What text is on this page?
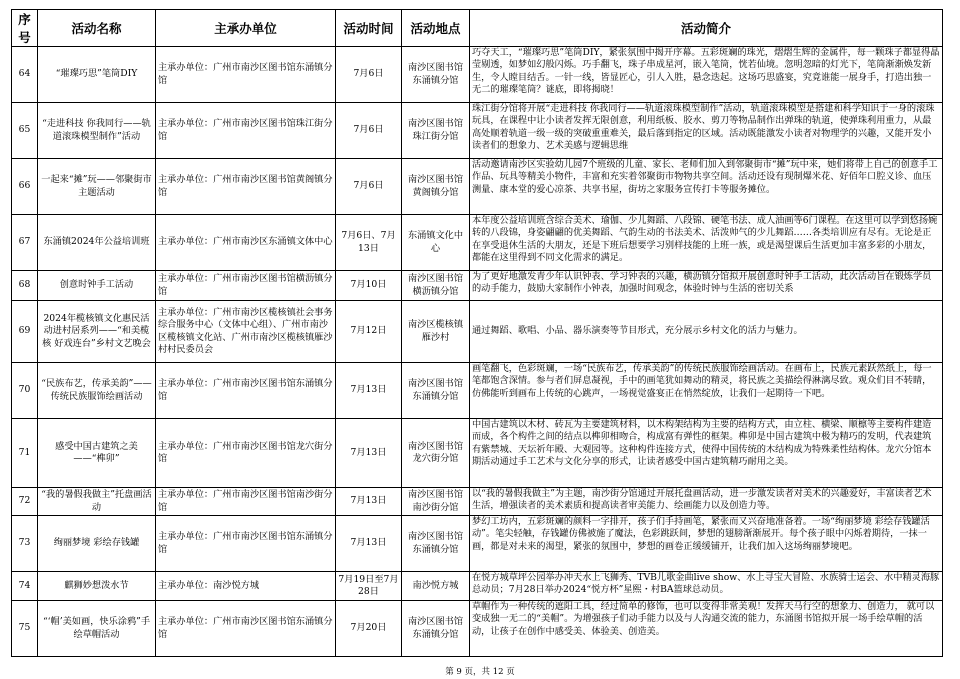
序号	活动名称	主承办单位	活动时间	活动地点	活动简介
64	“璀璨巧思”笔筒DIY	主承办单位：广州市南沙区图书馆东涌镇分馆	7月6日	南沙区图书馆东涌镇分馆	巧夺天工，“璀璨巧思”笔筒DIY，紧张氛围中揭开序幕。五彩斑斓的珠光，熠熠生辉的金属件，每一颗珠子都显得晶莹剔透，如梦如幻般闪烁。巧手翻飞，珠子串成星河，嵌入笔筒，恍若仙境。忽明忽暗的灯光下，笔筒渐渐焕发新生，令人瞠目结舌。一针一线，皆显匠心，引人入胜，悬念迭起。这场巧思盛宴，究竟谁能一展身手，打造出独一无二的璀璨笔筒？谜底，即将揭晓！

65	“走进科技 你我同行——轨道滚珠模型制作”活动	主承办单位：广州市南沙区图书馆珠江街分馆	7月6日	南沙区图书馆珠江街分馆	珠江街分馆将开展“走进科技 你我同行——轨道滚珠模型制作”活动，轨道滚珠模型是搭建和科学知识于一身的滚珠玩具，在课程中让小读者发挥无限创意，利用纸板、胶水、剪刀等物品制作出弹珠的轨道，使弹珠利用重力，从最高处顺着轨道一级一级的突破重重难关，最后落到指定的区域。活动既能激发小读者对物理学的兴趣，又能开发小读者们的想象力、艺术美感与逻辑思维

66	一起来“摊”玩——邻聚街市主题活动	主承办单位：广州市南沙区图书馆黄阁镇分馆	7月6日	南沙区图书馆黄阁镇分馆	活动邀请南沙区实验幼儿园7个班级的儿童、家长、老师们加入到邻聚街市“摊”玩中来，她们将带上自己的创意手工作品、玩具等精美小物件，丰富和充实着邻聚街市物物共享空间。活动还设有现制爆米花、好佰年口腔义诊、血压测量、康本堂的爱心凉茶、共享书屋，街坊之家服务宣传打卡等服务摊位。

67	东涌镇2024年公益培训班	主承办单位：广州市南沙区东涌镇文体中心	7月6日、7月13日	东涌镇文化中心	本年度公益培训班含综合美术、瑜伽、少儿舞蹈、八段锦、硬笔书法、成人油画等6门课程。在这里可以学到悠扬婉转的八段锦，身姿翩翩的优美舞蹈、气韵生动的书法美术、活泼帅气的少儿舞蹈……各类培训应有尽有。无论是正在享受退休生活的大朋友，还是下班后想要学习别样技能的上班一族，或是渴望课后生活更加丰富多彩的小朋友，都能在这里得到不同文化需求的满足。

68	创意时钟手工活动	主承办单位：广州市南沙区图书馆横沥镇分馆	7月10日	南沙区图书馆横沥镇分馆	为了更好地激发青少年认识钟表、学习钟表的兴趣，横沥镇分馆拟开展创意时钟手工活动，此次活动旨在锻炼学员的动手能力，鼓励大家制作小钟表，加强时间观念，体验时钟与生活的密切关系

69	2024年榄核镇文化惠民活动进村居系列——“和美榄核 好戏连台”乡村文艺晚会	主承办单位：广州市南沙区榄核镇社会事务综合服务中心（文体中心组）、广州市南沙区榄核镇文化站、广州市南沙区榄核镇雁沙村村民委员会	7月12日	南沙区榄核镇雁沙村	通过舞蹈、歌唱、小品、器乐演奏等节目形式，充分展示乡村文化的活力与魅力。

70	“民族布艺，传承美韵”——传统民族服饰绘画活动	主承办单位：广州市南沙区图书馆东涌镇分馆	7月13日	南沙区图书馆东涌镇分馆	画笔翻飞，色彩斑斓，一场“民族布艺，传承美韵”的传统民族服饰绘画活动。在画布上，民族元素跃然纸上，每一笔都饱含深情。参与者们屏息凝视，手中的画笔犹如舞动的精灵，将民族之美描绘得淋漓尽致。观众们目不转睛，仿佛能听到画布上传统的心跳声，一场视觉盛宴正在悄然绽放，让我们一起期待一下吧。

71	感受中国古建筑之美——“榫卯”	主承办单位：广州市南沙区图书馆龙穴街分馆	7月13日	南沙区图书馆龙穴街分馆	中国古建筑以木材、砖瓦为主要建筑材料，以木构架结构为主要的结构方式，由立柱、横梁、顺檩等主要构件建造而成，各个构件之间的结点以榫卯相吻合，构成富有弹性的框架。榫卯是中国古建筑中极为精巧的发明，代表建筑有紫禁城、天坛祈年殿、大观园等。这种构件连接方式，使得中国传统的木结构成为特殊柔性结构体。龙穴分馆本期活动通过手工艺术与文化分享的形式，让读者感受中国古建筑精巧耐用之美。

72	“我的暑假我做主”托盘画活动	主承办单位：广州市南沙区图书馆南沙街分馆	7月13日	南沙区图书馆南沙街分馆	以“我的暑假我做主”为主题，南沙街分馆通过开展托盘画活动，进一步激发读者对美术的兴趣爱好，丰富读者艺术生活，增强读者的美术素质和提高读者审美能力、绘画能力以及创造力等。

73	绚丽梦境 彩绘存钱罐	主承办单位：广州市南沙区图书馆东涌镇分馆	7月13日	南沙区图书馆东涌镇分馆	梦幻工坊内，五彩斑斓的颜料一字排开，孩子们手持画笔，紧张而又兴奋地准备着。一场“绚丽梦境 彩绘存钱罐活动”。笔尖轻触，存钱罐仿佛被施了魔法，色彩跳跃间，梦想的翅膀渐渐展开。每个孩子眼中闪烁着期待，一抹一画，都是对未来的渴望，紧张的氛围中，梦想的画卷正缓缓铺开，让我们加入这场绚丽梦境吧。

74	麒狮妙想泼水节	主承办单位：南沙悦方城	7月19日至7月28日	南沙悦方城	在悦方城草坪公园举办冲天水上飞狮秀、TVB儿歌金曲live show、水上寻宝大冒险、水族骑士运会、水中精灵海豚总动员；7月28日举办2024“悦方杯”星熙・村BA篮球总动员。

75	“‘帽’美如画，快乐涂鸦”手绘草帽活动	主承办单位：广州市南沙区图书馆东涌镇分馆	7月20日	南沙区图书馆东涌镇分馆	草帽作为一种传统的遮阳工具，经过简单的修饰，也可以变得非常美观！发挥天马行空的想象力、创造力， 就可以变成独一无二的“美帽”。为增强孩子们动手能力以及与人沟通交流的能力，东涌图书馆拟开展一场手绘草帽的活动，让孩子在创作中感受美、体验美、创造美。
第 9 页，共 12 页
